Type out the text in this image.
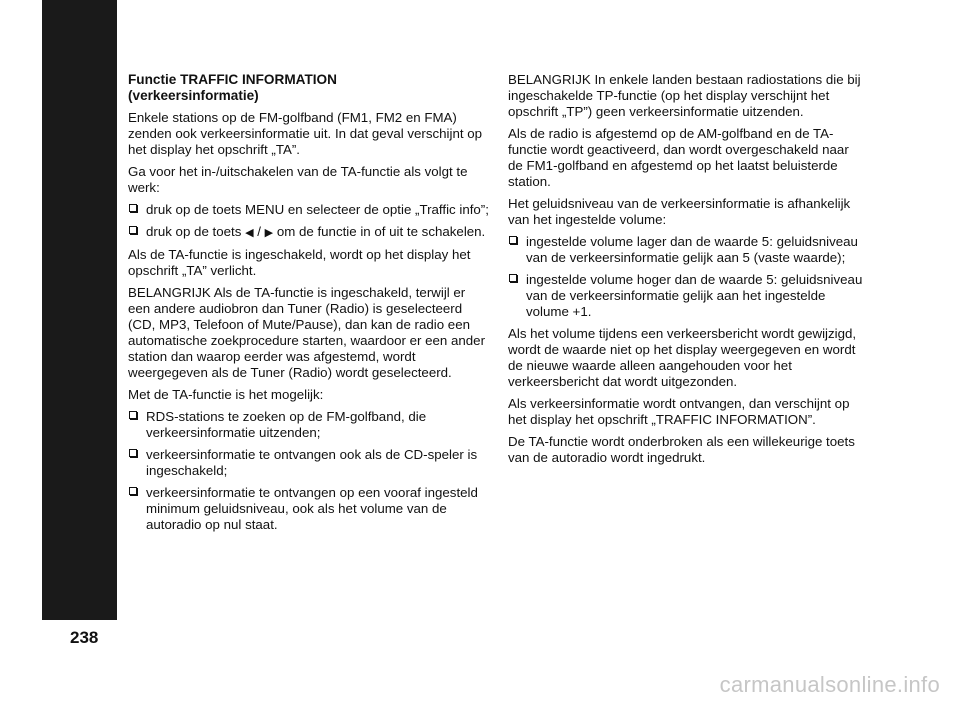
AUTORADIO
238
Functie TRAFFIC INFORMATION
(verkeersinformatie)

Enkele stations op de FM-golfband (FM1, FM2 en FMA) zenden ook verkeersinformatie uit. In dat geval verschijnt op het display het opschrift „TA”.

Ga voor het in-/uitschakelen van de TA-functie als volgt te werk:

druk op de toets MENU en selecteer de optie „Traffic info”;
druk op de toets ◀ / ▶ om de functie in of uit te schakelen.

Als de TA-functie is ingeschakeld, wordt op het display het opschrift „TA” verlicht.

BELANGRIJK Als de TA-functie is ingeschakeld, terwijl er een andere audiobron dan Tuner (Radio) is geselecteerd (CD, MP3, Telefoon of Mute/Pause), dan kan de radio een automatische zoekprocedure starten, waardoor er een ander station dan waarop eerder was afgestemd, wordt weergegeven als de Tuner (Radio) wordt geselecteerd.

Met de TA-functie is het mogelijk:

RDS-stations te zoeken op de FM-golfband, die verkeersinformatie uitzenden;
verkeersinformatie te ontvangen ook als de CD-speler is ingeschakeld;
verkeersinformatie te ontvangen op een vooraf ingesteld minimum geluidsniveau, ook als het volume van de autoradio op nul staat.

BELANGRIJK In enkele landen bestaan radiostations die bij ingeschakelde TP-functie (op het display verschijnt het opschrift „TP”) geen verkeersinformatie uitzenden.

Als de radio is afgestemd op de AM-golfband en de TA-functie wordt geactiveerd, dan wordt overgeschakeld naar de FM1-golfband en afgestemd op het laatst beluisterde station.

Het geluidsniveau van de verkeersinformatie is afhankelijk van het ingestelde volume:

ingestelde volume lager dan de waarde 5: geluidsniveau van de verkeersinformatie gelijk aan 5 (vaste waarde);
ingestelde volume hoger dan de waarde 5: geluidsniveau van de verkeersinformatie gelijk aan het ingestelde volume +1.

Als het volume tijdens een verkeersbericht wordt gewijzigd, wordt de waarde niet op het display weergegeven en wordt de nieuwe waarde alleen aangehouden voor het verkeersbericht dat wordt uitgezonden.

Als verkeersinformatie wordt ontvangen, dan verschijnt op het display het opschrift „TRAFFIC INFORMATION”.

De TA-functie wordt onderbroken als een willekeurige toets van de autoradio wordt ingedrukt.

carmanualsonline.info
